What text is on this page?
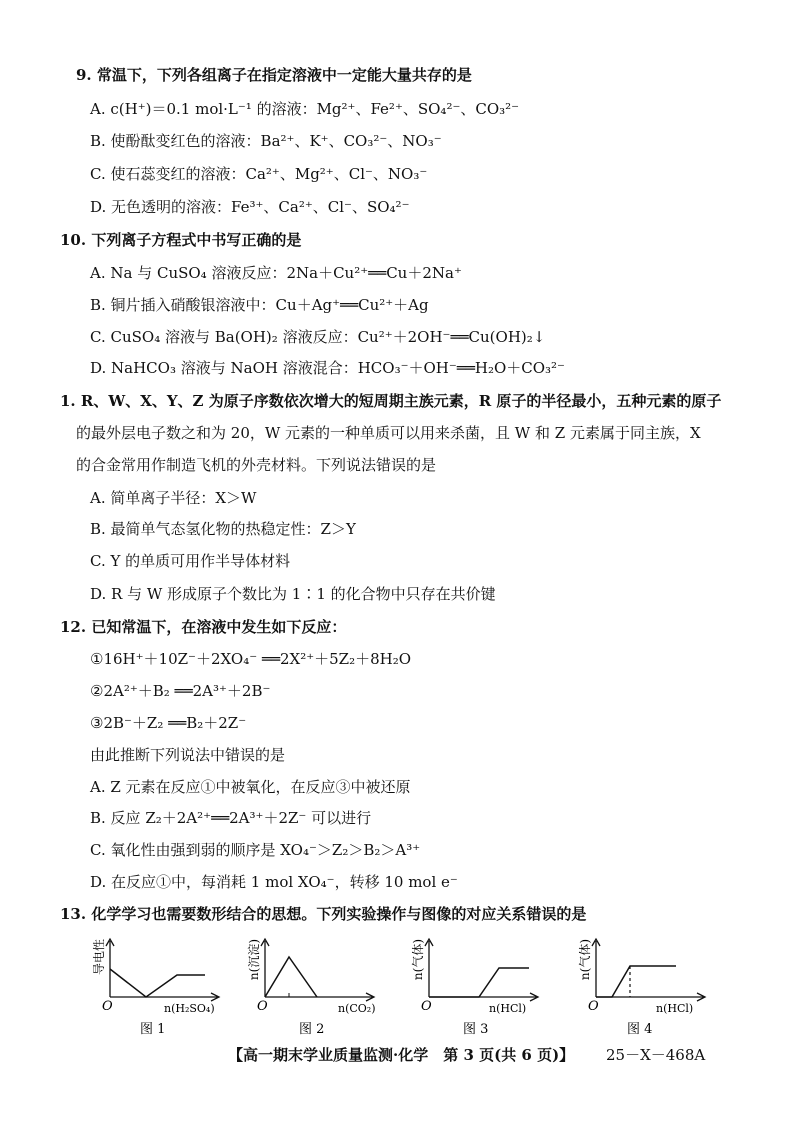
9. 常温下，下列各组离子在指定溶液中一定能大量共存的是
A. c(H⁺)＝0.1 mol·L⁻¹ 的溶液：Mg²⁺、Fe²⁺、SO₄²⁻、CO₃²⁻
B. 使酚酞变红色的溶液：Ba²⁺、K⁺、CO₃²⁻、NO₃⁻
C. 使石蕊变红的溶液：Ca²⁺、Mg²⁺、Cl⁻、NO₃⁻
D. 无色透明的溶液：Fe³⁺、Ca²⁺、Cl⁻、SO₄²⁻
10. 下列离子方程式中书写正确的是
A. Na 与 CuSO₄ 溶液反应：2Na＋Cu²⁺══Cu＋2Na⁺
B. 铜片插入硝酸银溶液中：Cu＋Ag⁺══Cu²⁺＋Ag
C. CuSO₄ 溶液与 Ba(OH)₂ 溶液反应：Cu²⁺＋2OH⁻══Cu(OH)₂↓
D. NaHCO₃ 溶液与 NaOH 溶液混合：HCO₃⁻＋OH⁻══H₂O＋CO₃²⁻
1. R、W、X、Y、Z 为原子序数依次增大的短周期主族元素，R 原子的半径最小，五种元素的原子
的最外层电子数之和为 20，W 元素的一种单质可以用来杀菌，且 W 和 Z 元素属于同主族，X
的合金常用作制造飞机的外壳材料。下列说法错误的是
A. 简单离子半径：X＞W
B. 最简单气态氢化物的热稳定性：Z＞Y
C. Y 的单质可用作半导体材料
D. R 与 W 形成原子个数比为 1∶1 的化合物中只存在共价键
12. 已知常温下，在溶液中发生如下反应：
①16H⁺＋10Z⁻＋2XO₄⁻ ══2X²⁺＋5Z₂＋8H₂O
②2A²⁺＋B₂ ══2A³⁺＋2B⁻
③2B⁻＋Z₂ ══B₂＋2Z⁻
由此推断下列说法中错误的是
A. Z 元素在反应①中被氧化，在反应③中被还原
B. 反应 Z₂＋2A²⁺══2A³⁺＋2Z⁻ 可以进行
C. 氧化性由强到弱的顺序是 XO₄⁻＞Z₂＞B₂＞A³⁺
D. 在反应①中，每消耗 1 mol XO₄⁻，转移 10 mol e⁻
13. 化学学习也需要数形结合的思想。下列实验操作与图像的对应关系错误的是
导电性
O	n(H₂SO₄)
图 1
n(沉淀)
O	n(CO₂)
图 2
n(气体)
O	n(HCl)
图 3
n(气体)
O	n(HCl)
图 4
【高一期末学业质量监测·化学　第 3 页(共 6 页)】 25－X－468A
